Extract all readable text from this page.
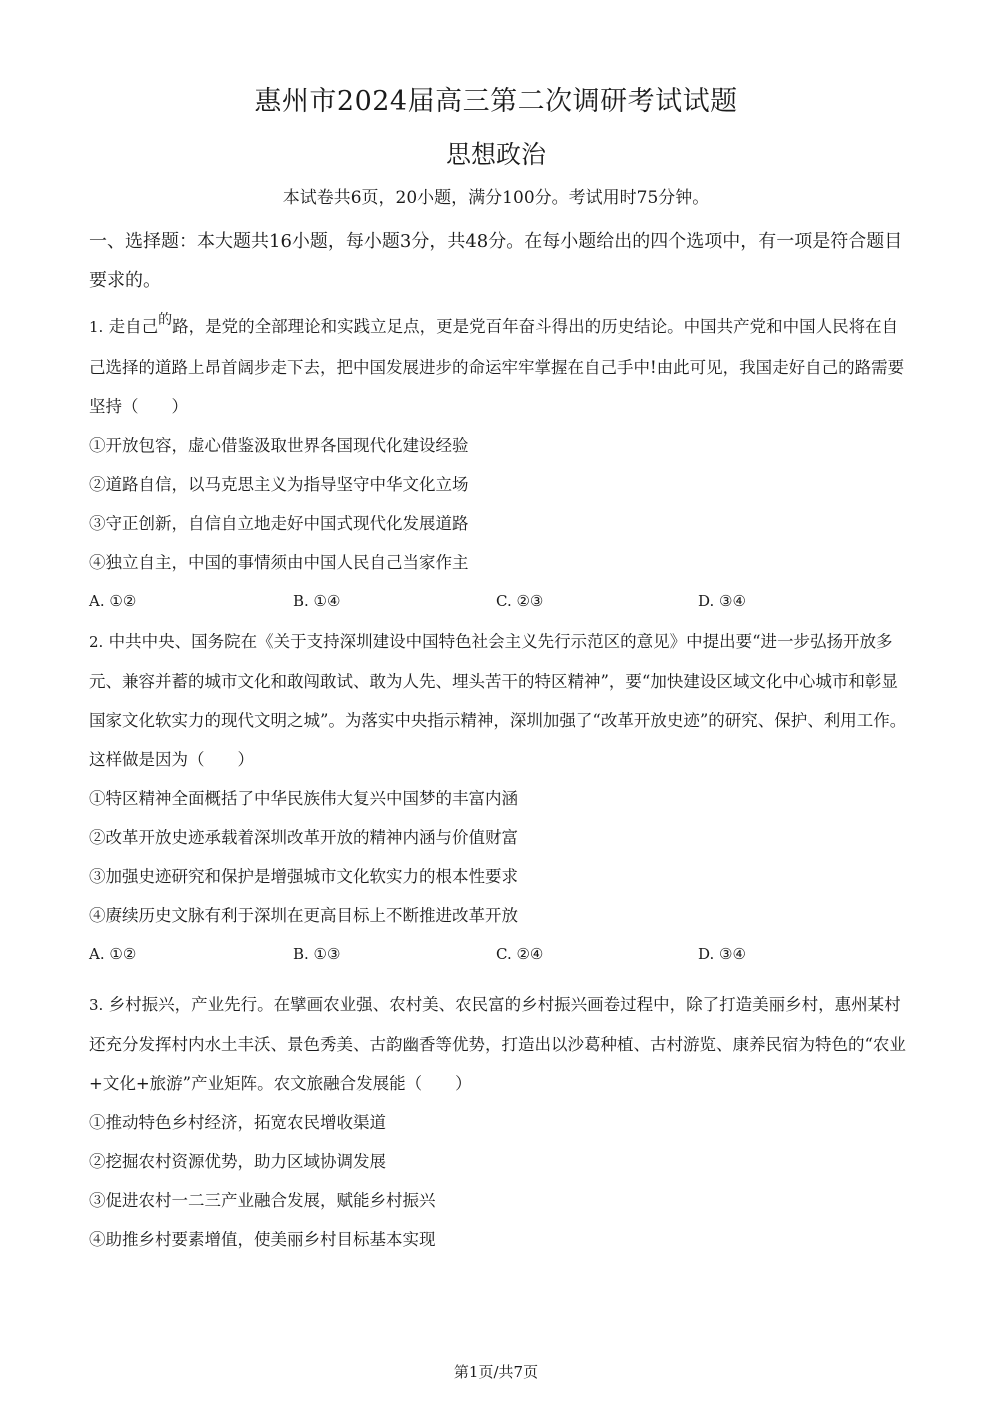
惠州市2024届高三第二次调研考试试题
思想政治
本试卷共6页，20小题，满分100分。考试用时75分钟。
一、选择题：本大题共16小题，每小题3分，共48分。在每小题给出的四个选项中，有一项是符合题目要求的。

1. 走自己$^的$路，是党的全部理论和实践立足点，更是党百年奋斗得出的历史结论。中国共产党和中国人民将在自己选择的道路上昂首阔步走下去，把中国发展进步的命运牢牢掌握在自己手中!由此可见，我国走好自己的路需要坚持（　　）

①开放包容，虚心借鉴汲取世界各国现代化建设经验

②道路自信，以马克思主义为指导坚守中华文化立场

③守正创新，自信自立地走好中国式现代化发展道路

④独立自主，中国的事情须由中国人民自己当家作主

A. ①②	B. ①④	C. ②③	D. ③④

2. 中共中央、国务院在《关于支持深圳建设中国特色社会主义先行示范区的意见》中提出要“进一步弘扬开放多元、兼容并蓄的城市文化和敢闯敢试、敢为人先、埋头苦干的特区精神”，要“加快建设区域文化中心城市和彰显国家文化软实力的现代文明之城”。为落实中央指示精神，深圳加强了“改革开放史迹”的研究、保护、利用工作。这样做是因为（　　）

①特区精神全面概括了中华民族伟大复兴中国梦的丰富内涵

②改革开放史迹承载着深圳改革开放的精神内涵与价值财富

③加强史迹研究和保护是增强城市文化软实力的根本性要求

④赓续历史文脉有利于深圳在更高目标上不断推进改革开放

A. ①②	B. ①③	C. ②④	D. ③④

3. 乡村振兴，产业先行。在擘画农业强、农村美、农民富的乡村振兴画卷过程中，除了打造美丽乡村，惠州某村还充分发挥村内水土丰沃、景色秀美、古韵幽香等优势，打造出以沙葛种植、古村游览、康养民宿为特色的“农业+文化+旅游”产业矩阵。农文旅融合发展能（　　）

①推动特色乡村经济，拓宽农民增收渠道

②挖掘农村资源优势，助力区域协调发展

③促进农村一二三产业融合发展，赋能乡村振兴

④助推乡村要素增值，使美丽乡村目标基本实现

第1页/共7页
